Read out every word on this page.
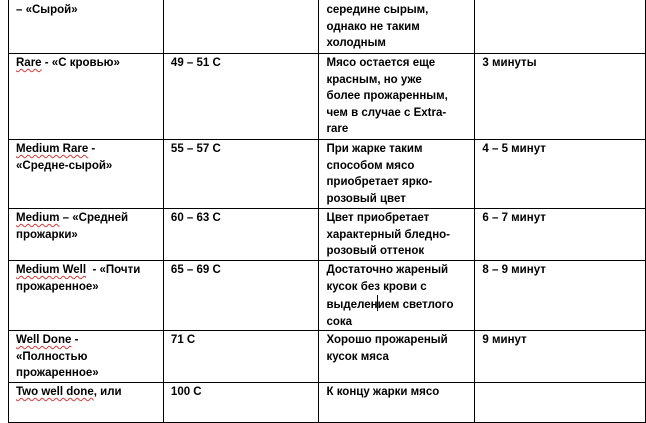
– «Сырой»		середине сырым,
однако не таким
холодным	

Rare - «С кровью»	49 – 51 С	Мясо остается еще
красным, но уже
более прожаренным,
чем в случае с Extra-
rare	3 минуты

Medium Rare -
«Средне-сырой»	55 – 57 С	При жарке таким
способом мясо
приобретает ярко-
розовый цвет	4 – 5 минут

Medium – «Средней
прожарки»	60 – 63 С	Цвет приобретает
характерный бледно-
розовый оттенок	6 – 7 минут

Medium Well  - «Почти
прожаренное»	65 – 69 С	Достаточно жареный
кусок без крови с
выделением светлого
сока	8 – 9 минут

Well Done -
«Полностью
прожаренное»	71 С	Хорошо прожареный
кусок мяса	9 минут

Two well done, или	100 С	К концу жарки мясо	
